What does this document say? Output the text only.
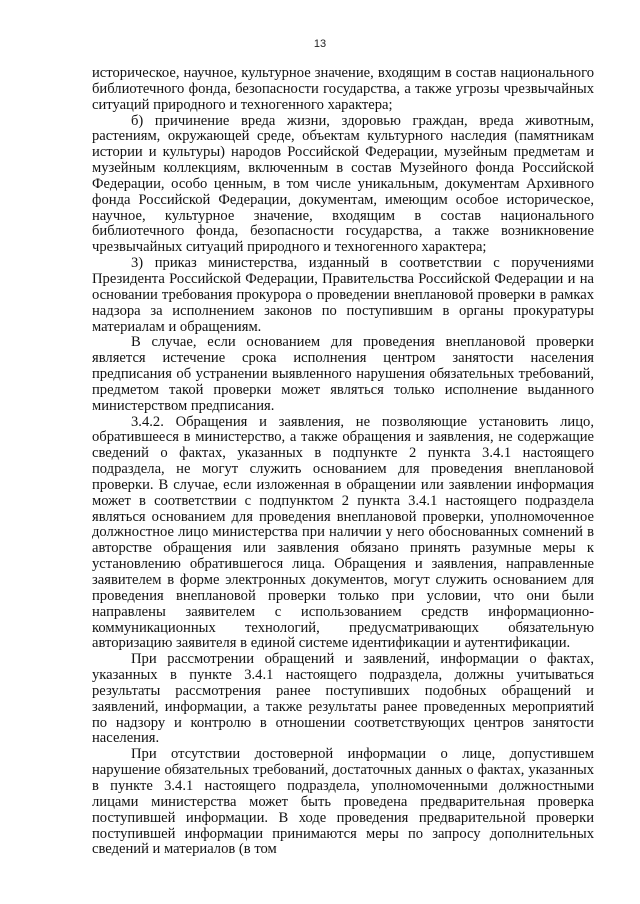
13

историческое, научное, культурное значение, входящим в состав национального библиотечного фонда, безопасности государства, а также угрозы чрезвычайных ситуаций природного и техногенного характера;

б) причинение вреда жизни, здоровью граждан, вреда животным, растениям, окружающей среде, объектам культурного наследия (памятникам истории и культуры) народов Российской Федерации, музейным предметам и музейным коллекциям, включенным в состав Музейного фонда Российской Федерации, особо ценным, в том числе уникальным, документам Архивного фонда Российской Федерации, документам, имеющим особое историческое, научное, культурное значение, входящим в состав национального библиотечного фонда, безопасности государства, а также возникновение чрезвычайных ситуаций природного и техногенного характера;

3) приказ министерства, изданный в соответствии с поручениями Президента Российской Федерации, Правительства Российской Федерации и на основании требования прокурора о проведении внеплановой проверки в рамках надзора за исполнением законов по поступившим в органы прокуратуры материалам и обращениям.

В случае, если основанием для проведения внеплановой проверки является истечение срока исполнения центром занятости населения предписания об устранении выявленного нарушения обязательных требований, предметом такой проверки может являться только исполнение выданного министерством предписания.

3.4.2. Обращения и заявления, не позволяющие установить лицо, обратившееся в министерство, а также обращения и заявления, не содержащие сведений о фактах, указанных в подпункте 2 пункта 3.4.1 настоящего подраздела, не могут служить основанием для проведения внеплановой проверки. В случае, если изложенная в обращении или заявлении информация может в соответствии с подпунктом 2 пункта 3.4.1 настоящего подраздела являться основанием для проведения внеплановой проверки, уполномоченное должностное лицо министерства при наличии у него обоснованных сомнений в авторстве обращения или заявления обязано принять разумные меры к установлению обратившегося лица. Обращения и заявления, направленные заявителем в форме электронных документов, могут служить основанием для проведения внеплановой проверки только при условии, что они были направлены заявителем с использованием средств информационно-коммуникационных технологий, предусматривающих обязательную авторизацию заявителя в единой системе идентификации и аутентификации.

При рассмотрении обращений и заявлений, информации о фактах, указанных в пункте 3.4.1 настоящего подраздела, должны учитываться результаты рассмотрения ранее поступивших подобных обращений и заявлений, информации, а также результаты ранее проведенных мероприятий по надзору и контролю в отношении соответствующих центров занятости населения.

При отсутствии достоверной информации о лице, допустившем нарушение обязательных требований, достаточных данных о фактах, указанных в пункте 3.4.1 настоящего подраздела, уполномоченными должностными лицами министерства может быть проведена предварительная проверка поступившей информации. В ходе проведения предварительной проверки поступившей информации принимаются меры по запросу дополнительных сведений и материалов (в том
